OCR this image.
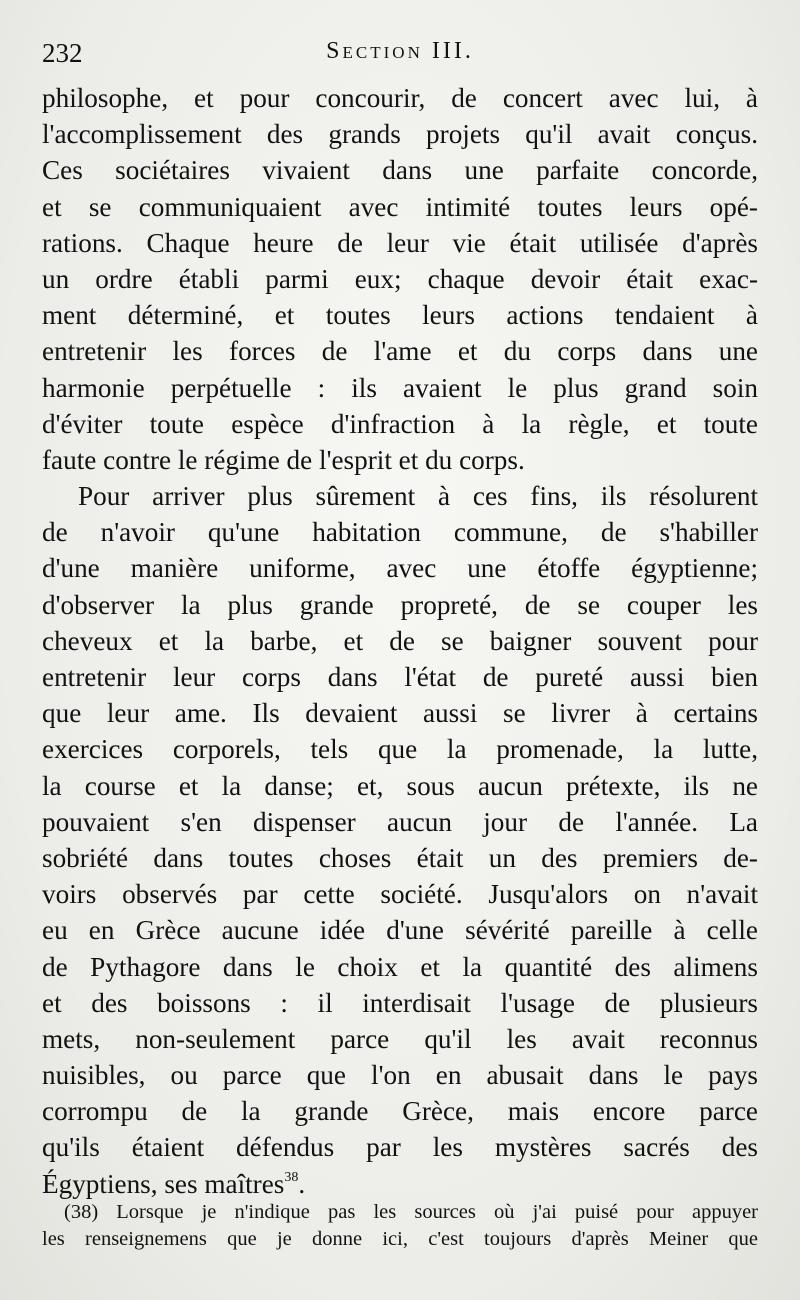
232	Section III.
philosophe, et pour concourir, de concert avec lui, à
l'accomplissement des grands projets qu'il avait conçus.
Ces sociétaires vivaient dans une parfaite concorde,
et se communiquaient avec intimité toutes leurs opé-
rations. Chaque heure de leur vie était utilisée d'après
un ordre établi parmi eux; chaque devoir était exac-
ment déterminé, et toutes leurs actions tendaient à
entretenir les forces de l'ame et du corps dans une
harmonie perpétuelle : ils avaient le plus grand soin
d'éviter toute espèce d'infraction à la règle, et toute
faute contre le régime de l'esprit et du corps.
Pour arriver plus sûrement à ces fins, ils résolurent
de n'avoir qu'une habitation commune, de s'habiller
d'une manière uniforme, avec une étoffe égyptienne;
d'observer la plus grande propreté, de se couper les
cheveux et la barbe, et de se baigner souvent pour
entretenir leur corps dans l'état de pureté aussi bien
que leur ame. Ils devaient aussi se livrer à certains
exercices corporels, tels que la promenade, la lutte,
la course et la danse; et, sous aucun prétexte, ils ne
pouvaient s'en dispenser aucun jour de l'année. La
sobriété dans toutes choses était un des premiers de-
voirs observés par cette société. Jusqu'alors on n'avait
eu en Grèce aucune idée d'une sévérité pareille à celle
de Pythagore dans le choix et la quantité des alimens
et des boissons : il interdisait l'usage de plusieurs
mets, non-seulement parce qu'il les avait reconnus
nuisibles, ou parce que l'on en abusait dans le pays
corrompu de la grande Grèce, mais encore parce
qu'ils étaient défendus par les mystères sacrés des
Égyptiens, ses maîtres$^{38}$.
(38) Lorsque je n'indique pas les sources où j'ai puisé pour appuyer
les renseignemens que je donne ici, c'est toujours d'après Meiner que
